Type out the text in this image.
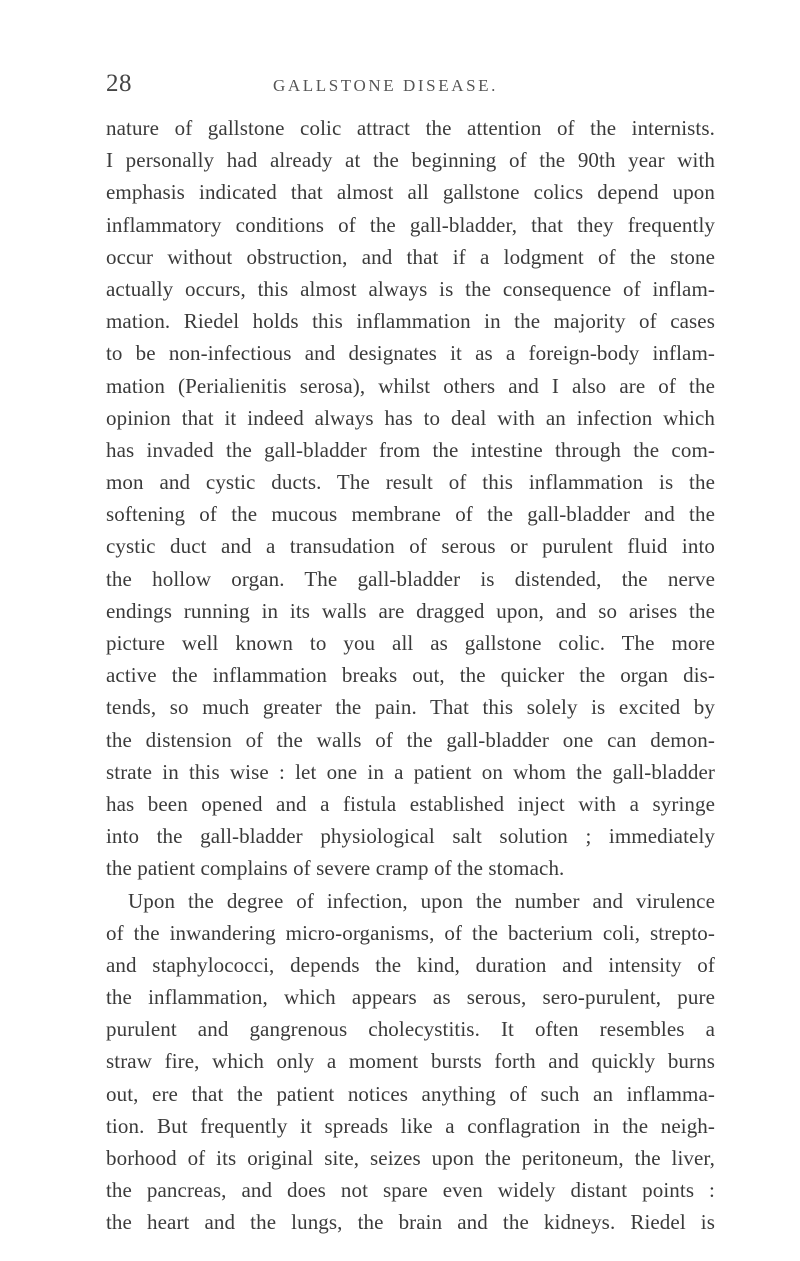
28	GALLSTONE DISEASE.
nature of gallstone colic attract the attention of the internists.
I personally had already at the beginning of the 90th year with
emphasis indicated that almost all gallstone colics depend upon
inflammatory conditions of the gall-bladder, that they frequently
occur without obstruction, and that if a lodgment of the stone
actually occurs, this almost always is the consequence of inflam-
mation. Riedel holds this inflammation in the majority of cases
to be non-infectious and designates it as a foreign-body inflam-
mation (Perialienitis serosa), whilst others and I also are of the
opinion that it indeed always has to deal with an infection which
has invaded the gall-bladder from the intestine through the com-
mon and cystic ducts. The result of this inflammation is the
softening of the mucous membrane of the gall-bladder and the
cystic duct and a transudation of serous or purulent fluid into
the hollow organ. The gall-bladder is distended, the nerve
endings running in its walls are dragged upon, and so arises the
picture well known to you all as gallstone colic. The more
active the inflammation breaks out, the quicker the organ dis-
tends, so much greater the pain. That this solely is excited by
the distension of the walls of the gall-bladder one can demon-
strate in this wise : let one in a patient on whom the gall-bladder
has been opened and a fistula established inject with a syringe
into the gall-bladder physiological salt solution ; immediately
the patient complains of severe cramp of the stomach.
Upon the degree of infection, upon the number and virulence
of the inwandering micro-organisms, of the bacterium coli, strepto-
and staphylococci, depends the kind, duration and intensity of
the inflammation, which appears as serous, sero-purulent, pure
purulent and gangrenous cholecystitis. It often resembles a
straw fire, which only a moment bursts forth and quickly burns
out, ere that the patient notices anything of such an inflamma-
tion. But frequently it spreads like a conflagration in the neigh-
borhood of its original site, seizes upon the peritoneum, the liver,
the pancreas, and does not spare even widely distant points :
the heart and the lungs, the brain and the kidneys. Riedel is
